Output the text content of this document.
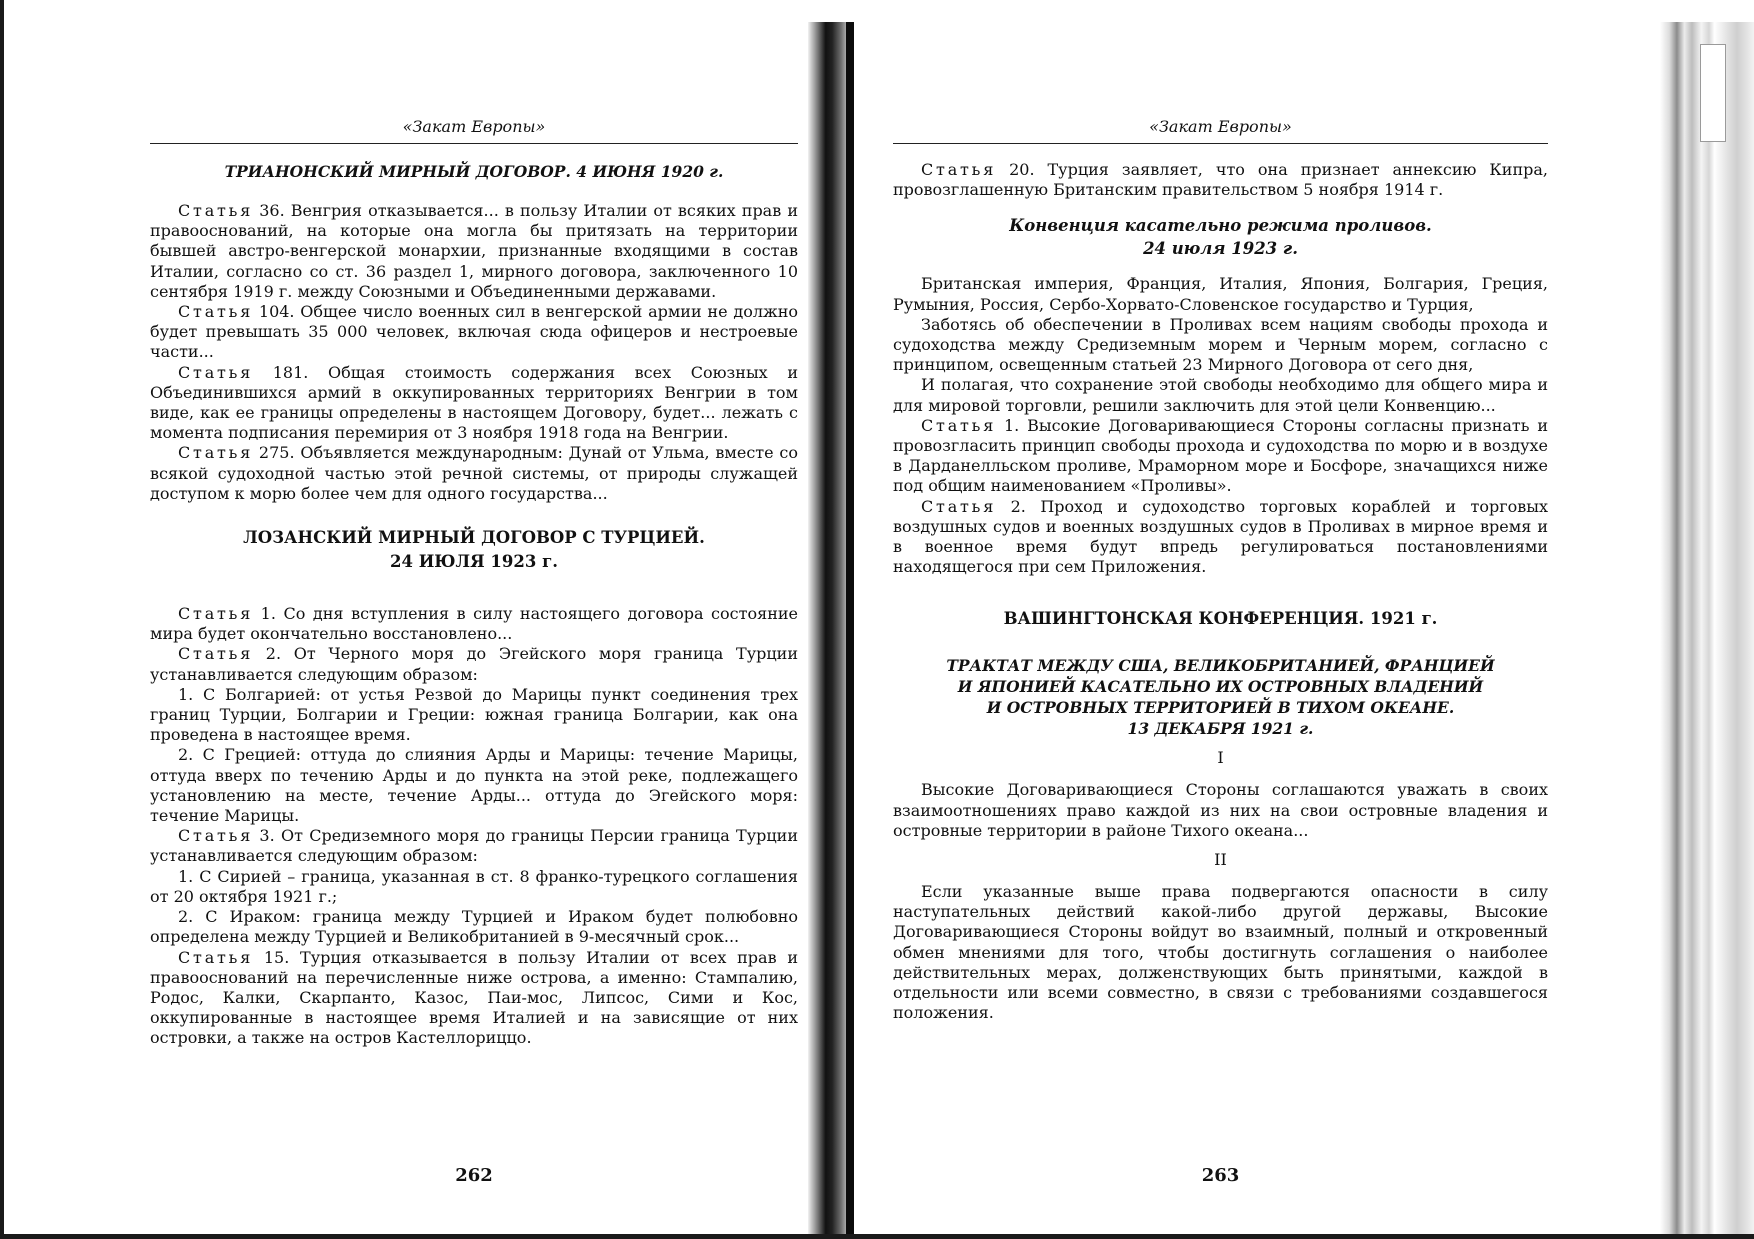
«Закат Европы»

ТРИАНОНСКИЙ МИРНЫЙ ДОГОВОР. 4 ИЮНЯ 1920 г.

Статья 36. Венгрия отказывается... в пользу Италии от всяких прав и правооснований, на которые она могла бы притязать на территории бывшей австро-венгерской монархии, признанные входящими в состав Италии, согласно со ст. 36 раздел 1, мирного договора, заключенного 10 сентября 1919 г. между Союзными и Объединенными державами.

Статья 104. Общее число военных сил в венгерской армии не должно будет превышать 35 000 человек, включая сюда офицеров и нестроевые части...

Статья 181. Общая стоимость содержания всех Союзных и Объединившихся армий в оккупированных территориях Венгрии в том виде, как ее границы определены в настоящем Договору, будет... лежать с момента подписания перемирия от 3 ноября 1918 года на Венгрии.

Статья 275. Объявляется международным: Дунай от Ульма, вместе со всякой судоходной частью этой речной системы, от природы служащей доступом к морю более чем для одного государства...

ЛОЗАНСКИЙ МИРНЫЙ ДОГОВОР С ТУРЦИЕЙ.

24 ИЮЛЯ 1923 г.

Статья 1. Со дня вступления в силу настоящего договора состояние мира будет окончательно восстановлено...

Статья 2. От Черного моря до Эгейского моря граница Турции устанавливается следующим образом:

1. С Болгарией: от устья Резвой до Марицы пункт соединения трех границ Турции, Болгарии и Греции: южная граница Болгарии, как она проведена в настоящее время.

2. С Грецией: оттуда до слияния Арды и Марицы: течение Марицы, оттуда вверх по течению Арды и до пункта на этой реке, подлежащего установлению на месте, течение Арды... оттуда до Эгейского моря: течение Марицы.

Статья 3. От Средиземного моря до границы Персии граница Турции устанавливается следующим образом:

1. С Сирией – граница, указанная в ст. 8 франко-турецкого соглашения от 20 октября 1921 г.;

2. С Ираком: граница между Турцией и Ираком будет полюбовно определена между Турцией и Великобританией в 9-месячный срок...

Статья 15. Турция отказывается в пользу Италии от всех прав и правооснований на перечисленные ниже острова, а именно: Стампалию, Родос, Калки, Скарпанто, Казос, Паи-мос, Липсос, Сими и Кос, оккупированные в настоящее время Италией и на зависящие от них островки, а также на остров Кастеллориццо.

262
«Закат Европы»

Статья 20. Турция заявляет, что она признает аннексию Кипра, провозглашенную Британским правительством 5 ноября 1914 г.

Конвенция касательно режима проливов.

24 июля 1923 г.

Британская империя, Франция, Италия, Япония, Болгария, Греция, Румыния, Россия, Сербо-Хорвато-Словенское государство и Турция,

Заботясь об обеспечении в Проливах всем нациям свободы прохода и судоходства между Средиземным морем и Черным морем, согласно с принципом, освещенным статьей 23 Мирного Договора от сего дня,

И полагая, что сохранение этой свободы необходимо для общего мира и для мировой торговли, решили заключить для этой цели Конвенцию...

Статья 1. Высокие Договаривающиеся Стороны согласны признать и провозгласить принцип свободы прохода и судоходства по морю и в воздухе в Дарданелльском проливе, Мраморном море и Босфоре, значащихся ниже под общим наименованием «Проливы».

Статья 2. Проход и судоходство торговых кораблей и торговых воздушных судов и военных воздушных судов в Проливах в мирное время и в военное время будут впредь регулироваться постановлениями находящегося при сем Приложения.

ВАШИНГТОНСКАЯ КОНФЕРЕНЦИЯ. 1921 г.

ТРАКТАТ МЕЖДУ США, ВЕЛИКОБРИТАНИЕЙ, ФРАНЦИЕЙ

И ЯПОНИЕЙ КАСАТЕЛЬНО ИХ ОСТРОВНЫХ ВЛАДЕНИЙ

И ОСТРОВНЫХ ТЕРРИТОРИЕЙ В ТИХОМ ОКЕАНЕ.

13 ДЕКАБРЯ 1921 г.

I

Высокие Договаривающиеся Стороны соглашаются уважать в своих взаимоотношениях право каждой из них на свои островные владения и островные территории в районе Тихого океана...

II

Если указанные выше права подвергаются опасности в силу наступательных действий какой-либо другой державы, Высокие Договаривающиеся Стороны войдут во взаимный, полный и откровенный обмен мнениями для того, чтобы достигнуть соглашения о наиболее действительных мерах, долженствующих быть принятыми, каждой в отдельности или всеми совместно, в связи с требованиями создавшегося положения.

263
